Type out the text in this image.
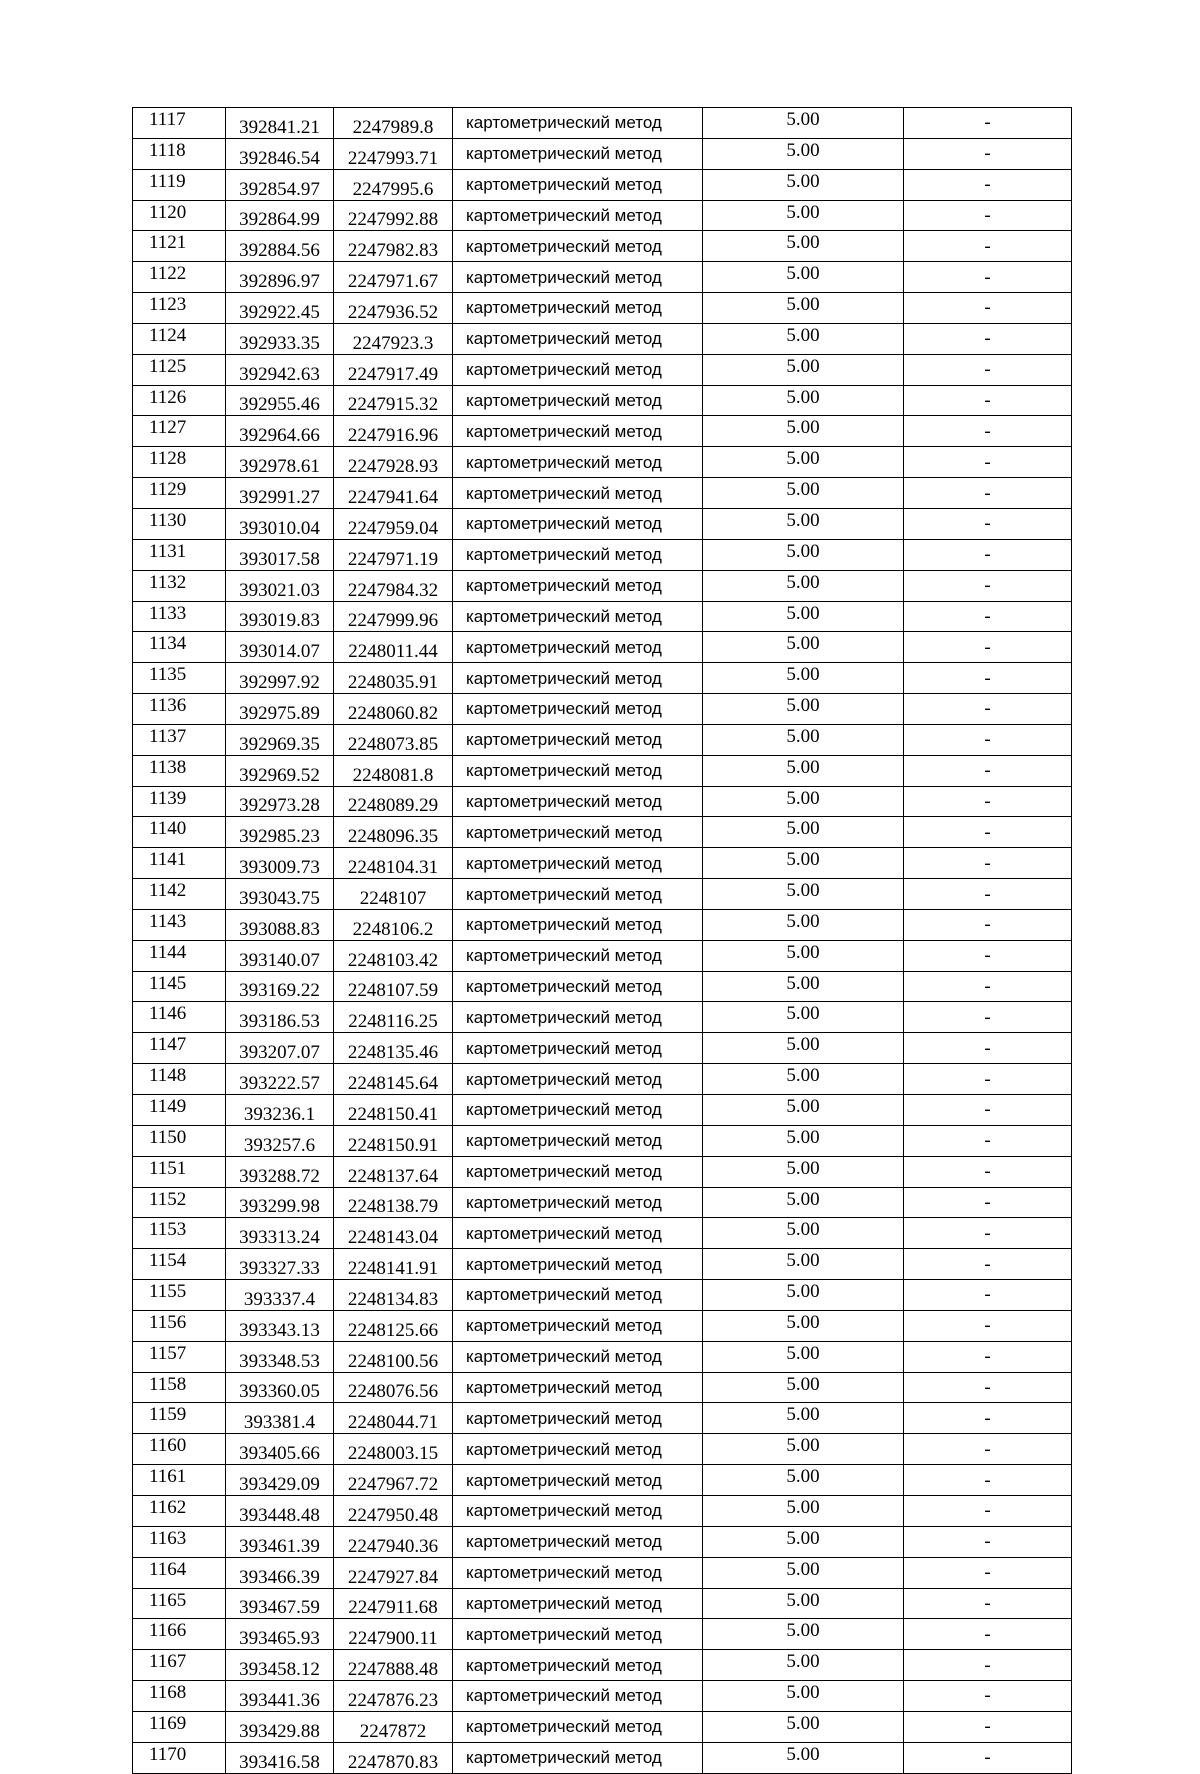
1117	392841.21	2247989.8	картометрический метод	5.00	-
1118	392846.54	2247993.71	картометрический метод	5.00	-
1119	392854.97	2247995.6	картометрический метод	5.00	-
1120	392864.99	2247992.88	картометрический метод	5.00	-
1121	392884.56	2247982.83	картометрический метод	5.00	-
1122	392896.97	2247971.67	картометрический метод	5.00	-
1123	392922.45	2247936.52	картометрический метод	5.00	-
1124	392933.35	2247923.3	картометрический метод	5.00	-
1125	392942.63	2247917.49	картометрический метод	5.00	-
1126	392955.46	2247915.32	картометрический метод	5.00	-
1127	392964.66	2247916.96	картометрический метод	5.00	-
1128	392978.61	2247928.93	картометрический метод	5.00	-
1129	392991.27	2247941.64	картометрический метод	5.00	-
1130	393010.04	2247959.04	картометрический метод	5.00	-
1131	393017.58	2247971.19	картометрический метод	5.00	-
1132	393021.03	2247984.32	картометрический метод	5.00	-
1133	393019.83	2247999.96	картометрический метод	5.00	-
1134	393014.07	2248011.44	картометрический метод	5.00	-
1135	392997.92	2248035.91	картометрический метод	5.00	-
1136	392975.89	2248060.82	картометрический метод	5.00	-
1137	392969.35	2248073.85	картометрический метод	5.00	-
1138	392969.52	2248081.8	картометрический метод	5.00	-
1139	392973.28	2248089.29	картометрический метод	5.00	-
1140	392985.23	2248096.35	картометрический метод	5.00	-
1141	393009.73	2248104.31	картометрический метод	5.00	-
1142	393043.75	2248107	картометрический метод	5.00	-
1143	393088.83	2248106.2	картометрический метод	5.00	-
1144	393140.07	2248103.42	картометрический метод	5.00	-
1145	393169.22	2248107.59	картометрический метод	5.00	-
1146	393186.53	2248116.25	картометрический метод	5.00	-
1147	393207.07	2248135.46	картометрический метод	5.00	-
1148	393222.57	2248145.64	картометрический метод	5.00	-
1149	393236.1	2248150.41	картометрический метод	5.00	-
1150	393257.6	2248150.91	картометрический метод	5.00	-
1151	393288.72	2248137.64	картометрический метод	5.00	-
1152	393299.98	2248138.79	картометрический метод	5.00	-
1153	393313.24	2248143.04	картометрический метод	5.00	-
1154	393327.33	2248141.91	картометрический метод	5.00	-
1155	393337.4	2248134.83	картометрический метод	5.00	-
1156	393343.13	2248125.66	картометрический метод	5.00	-
1157	393348.53	2248100.56	картометрический метод	5.00	-
1158	393360.05	2248076.56	картометрический метод	5.00	-
1159	393381.4	2248044.71	картометрический метод	5.00	-
1160	393405.66	2248003.15	картометрический метод	5.00	-
1161	393429.09	2247967.72	картометрический метод	5.00	-
1162	393448.48	2247950.48	картометрический метод	5.00	-
1163	393461.39	2247940.36	картометрический метод	5.00	-
1164	393466.39	2247927.84	картометрический метод	5.00	-
1165	393467.59	2247911.68	картометрический метод	5.00	-
1166	393465.93	2247900.11	картометрический метод	5.00	-
1167	393458.12	2247888.48	картометрический метод	5.00	-
1168	393441.36	2247876.23	картометрический метод	5.00	-
1169	393429.88	2247872	картометрический метод	5.00	-
1170	393416.58	2247870.83	картометрический метод	5.00	-
